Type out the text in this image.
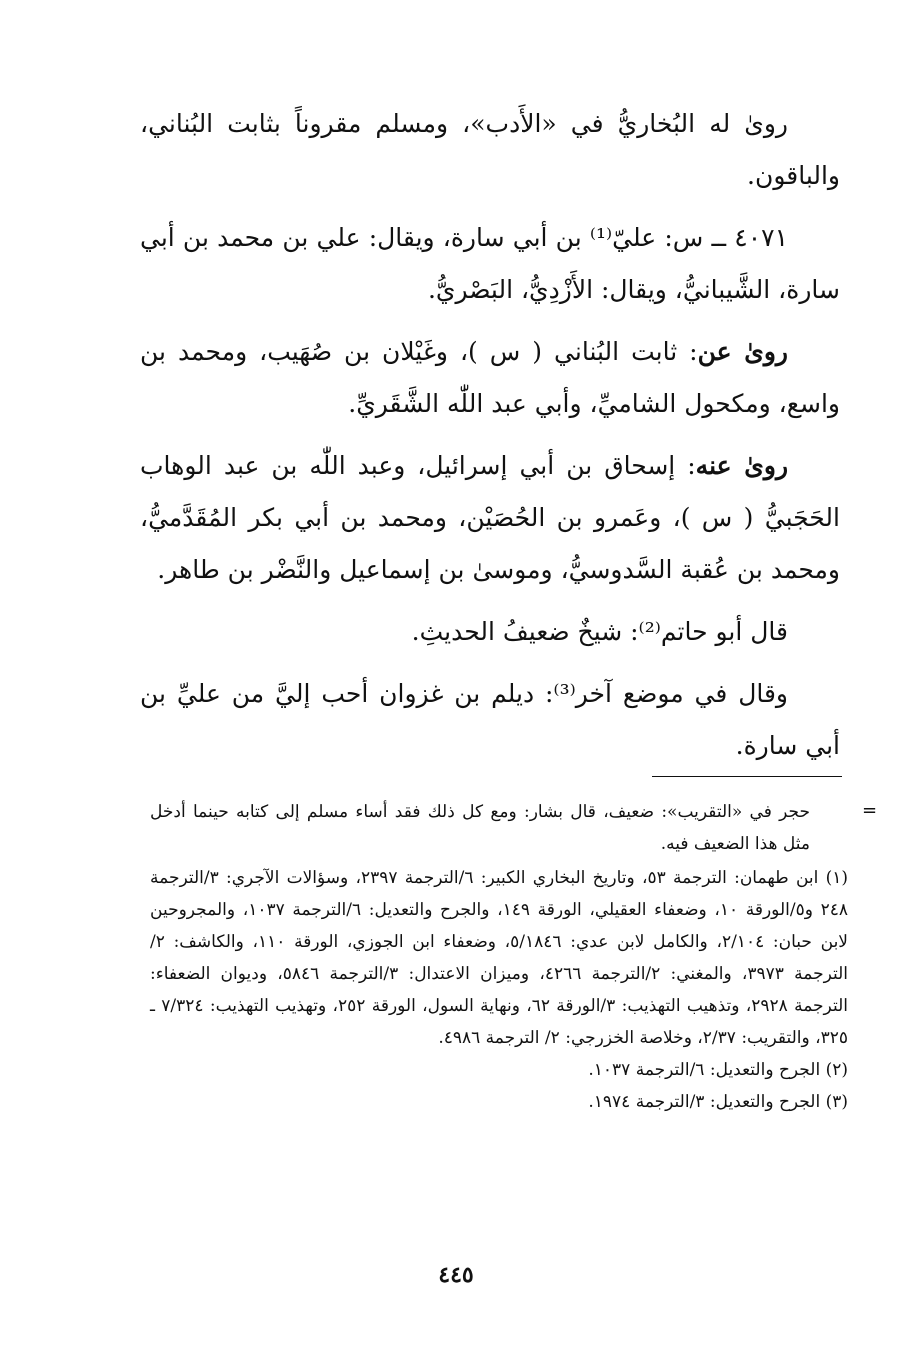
روىٰ له البُخاريُّ في «الأَدب»، ومسلم مقروناً بثابت البُناني، والباقون.

٤٠٧١ ــ س: عليّ⁽¹⁾ بن أبي سارة، ويقال: علي بن محمد بن أبي سارة، الشَّيبانيُّ، ويقال: الأَزْدِيُّ، البَصْريُّ.

روىٰ عن: ثابت البُناني ( س )، وغَيْلان بن صُهَيب، ومحمد بن واسع، ومكحول الشاميِّ، وأبي عبد اللّٰه الشَّقَريِّ.

روىٰ عنه: إسحاق بن أبي إسرائيل، وعبد اللّٰه بن عبد الوهاب الحَجَبيُّ ( س )، وعَمرو بن الحُصَيْن، ومحمد بن أبي بكر المُقَدَّميُّ، ومحمد بن عُقبة السَّدوسيُّ، وموسىٰ بن إسماعيل والنَّضْر بن طاهر.

قال أبو حاتم⁽²⁾: شيخٌ ضعيفُ الحديثِ.

وقال في موضع آخر⁽³⁾: ديلم بن غزوان أحب إليَّ من عليِّ بن أبي سارة.

=

حجر في «التقريب»: ضعيف، قال بشار: ومع كل ذلك فقد أساء مسلم إلى كتابه حينما أدخل مثل هذا الضعيف فيه.

(١) ابن طهمان: الترجمة ٥٣، وتاريخ البخاري الكبير: ٦/الترجمة ٢٣٩٧، وسؤالات الآجري: ٣/الترجمة ٢٤٨ و٥/الورقة ١٠، وضعفاء العقيلي، الورقة ١٤٩، والجرح والتعديل: ٦/الترجمة ١٠٣٧، والمجروحين لابن حبان: ٢/١٠٤، والكامل لابن عدي: ٥/١٨٤٦، وضعفاء ابن الجوزي، الورقة ١١٠، والكاشف: ٢/الترجمة ٣٩٧٣، والمغني: ٢/الترجمة ٤٢٦٦، وميزان الاعتدال: ٣/الترجمة ٥٨٤٦، وديوان الضعفاء: الترجمة ٢٩٢٨، وتذهيب التهذيب: ٣/الورقة ٦٢، ونهاية السول، الورقة ٢٥٢، وتهذيب التهذيب: ٧/٣٢٤ ـ ٣٢٥، والتقريب: ٢/٣٧، وخلاصة الخزرجي: ٢/ الترجمة ٤٩٨٦.

(٢) الجرح والتعديل: ٦/الترجمة ١٠٣٧.

(٣) الجرح والتعديل: ٣/الترجمة ١٩٧٤.

٤٤٥
